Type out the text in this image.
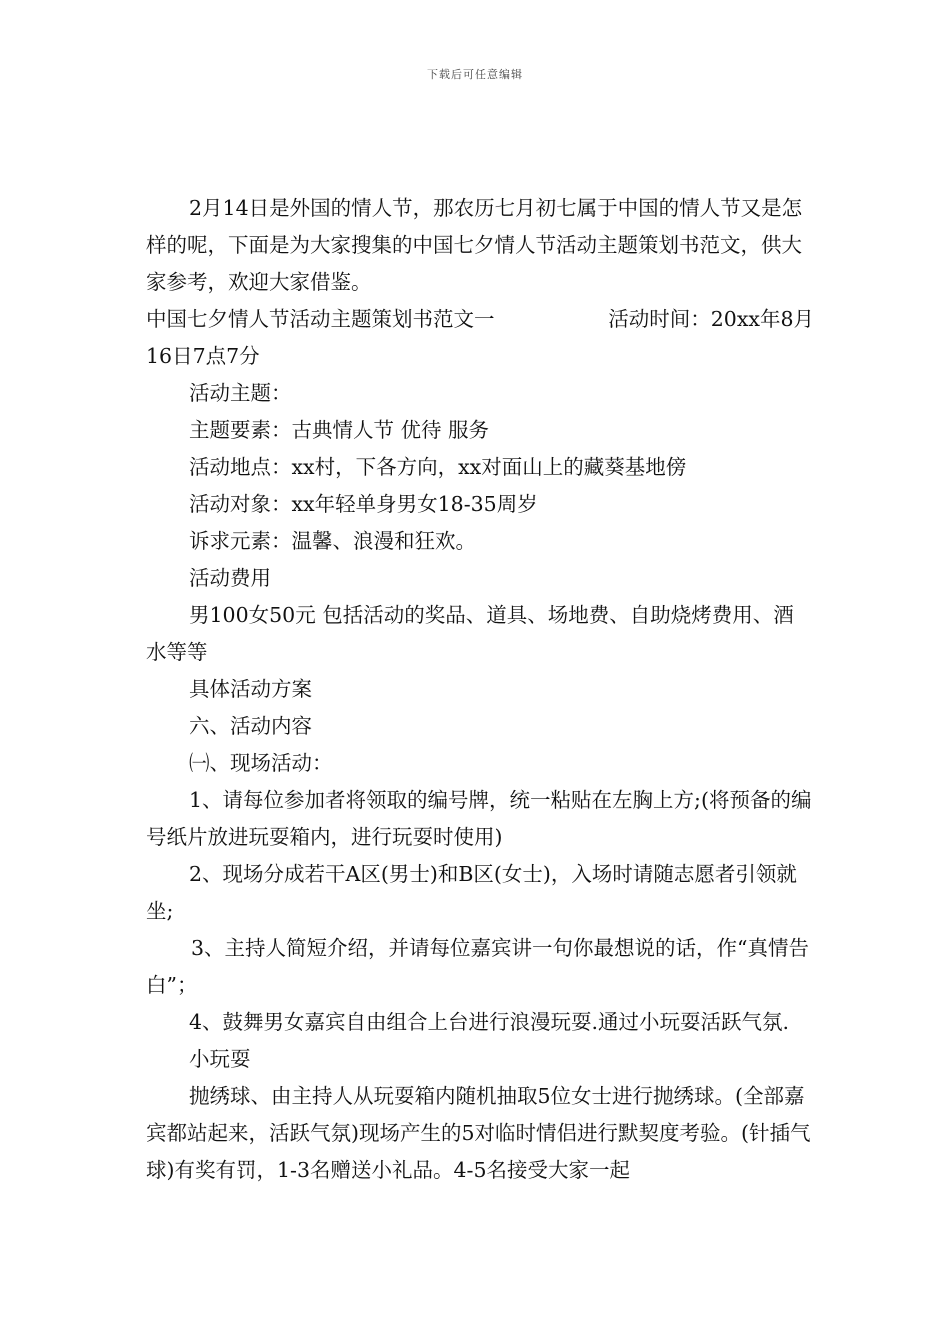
下载后可任意编辑

2月14日是外国的情人节，那农历七月初七属于中国的情人节又是怎样的呢，下面是为大家搜集的中国七夕情人节活动主题策划书范文，供大家参考，欢迎大家借鉴。

中国七夕情人节活动主题策划书范文一	活动时间：20xx年8月

16日7点7分

活动主题：

主题要素：古典情人节 优待 服务

活动地点：xx村，下各方向，xx对面山上的藏葵基地傍

活动对象：xx年轻单身男女18-35周岁

诉求元素：温馨、浪漫和狂欢。

活动费用

男100女50元 包括活动的奖品、道具、场地费、自助烧烤费用、酒水等等

具体活动方案

六、活动内容

㈠、现场活动：

1、请每位参加者将领取的编号牌，统一粘贴在左胸上方;(将预备的编号纸片放进玩耍箱内，进行玩耍时使用)

2、现场分成若干A区(男士)和B区(女士)，入场时请随志愿者引领就坐;

3、主持人简短介绍，并请每位嘉宾讲一句你最想说的话，作“真情告白”；

4、鼓舞男女嘉宾自由组合上台进行浪漫玩耍.通过小玩耍活跃气氛.

小玩耍

抛绣球、由主持人从玩耍箱内随机抽取5位女士进行抛绣球。(全部嘉宾都站起来，活跃气氛)现场产生的5对临时情侣进行默契度考验。(针插气球)有奖有罚，1-3名赠送小礼品。4-5名接受大家一起
